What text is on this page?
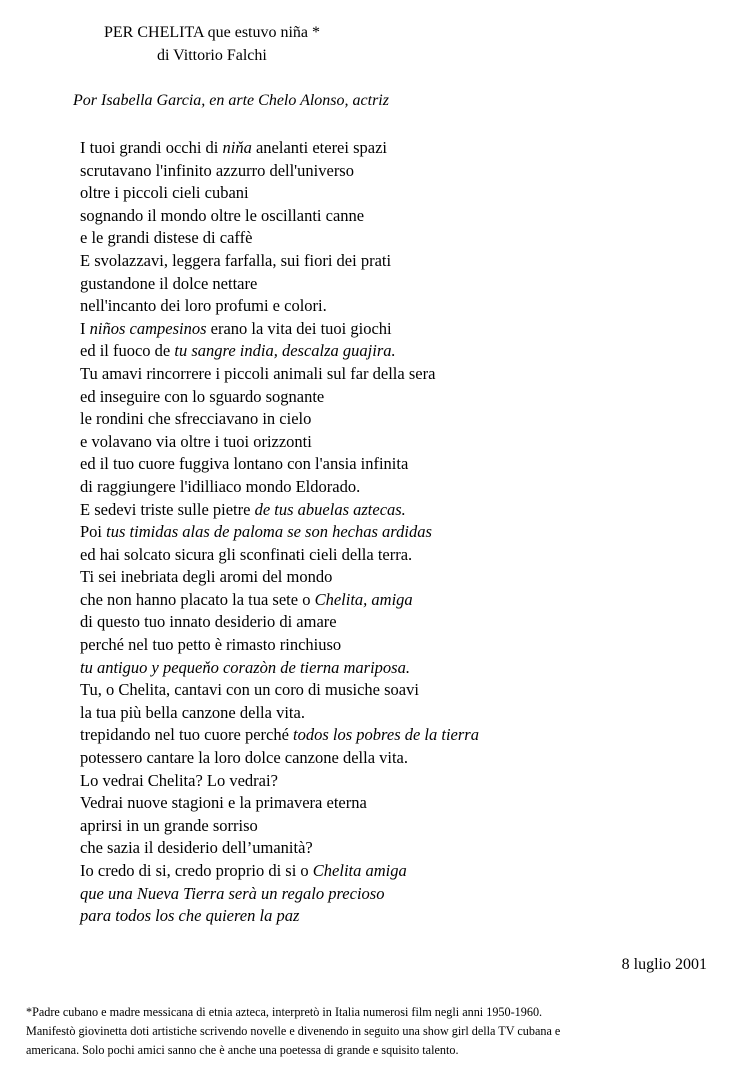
PER CHELITA que estuvo niña *
di Vittorio Falchi
Por Isabella Garcia, en arte Chelo Alonso, actriz
I tuoi grandi occhi di niňa anelanti eterei spazi
scrutavano l'infinito azzurro dell'universo
oltre i piccoli cieli cubani
sognando il mondo oltre le oscillanti canne
e le grandi distese di caffè
E svolazzavi, leggera farfalla, sui fiori dei prati
gustandone il dolce nettare
nell'incanto dei loro profumi e colori.
I niños campesinos erano la vita dei tuoi giochi
ed il fuoco de tu sangre india, descalza guajira.
Tu amavi rincorrere i piccoli animali sul far della sera
ed inseguire con lo sguardo sognante
le rondini che sfrecciavano in cielo
e volavano via oltre i tuoi orizzonti
ed il tuo cuore fuggiva lontano con l'ansia infinita
di raggiungere l'idilliaco mondo Eldorado.
E sedevi triste sulle pietre de tus abuelas aztecas.
Poi tus timidas alas de paloma se son hechas ardidas
ed hai solcato sicura gli sconfinati cieli della terra.
Ti sei inebriata degli aromi del mondo
che non hanno placato la tua sete o Chelita, amiga
di questo tuo innato desiderio di amare
perché nel tuo petto è rimasto rinchiuso
tu antiguo y pequeňo corazòn de tierna mariposa.
Tu, o Chelita, cantavi con un coro di musiche soavi
la tua più bella canzone della vita.
trepidando nel tuo cuore perché todos los pobres de la tierra
potessero cantare la loro dolce canzone della vita.
Lo vedrai Chelita? Lo vedrai?
Vedrai nuove stagioni e la primavera eterna
aprirsi in un grande sorriso
che sazia il desiderio dell’umanità?
Io credo di si, credo proprio di si o Chelita amiga
que una Nueva Tierra serà un regalo precioso
para todos los che quieren la paz
8 luglio 2001
*Padre cubano e madre messicana di etnia azteca, interpretò in Italia numerosi film negli anni 1950-1960.
Manifestò giovinetta doti artistiche scrivendo novelle e divenendo in seguito una show girl della TV cubana e
americana. Solo pochi amici sanno che è anche una poetessa di grande e squisito talento.
